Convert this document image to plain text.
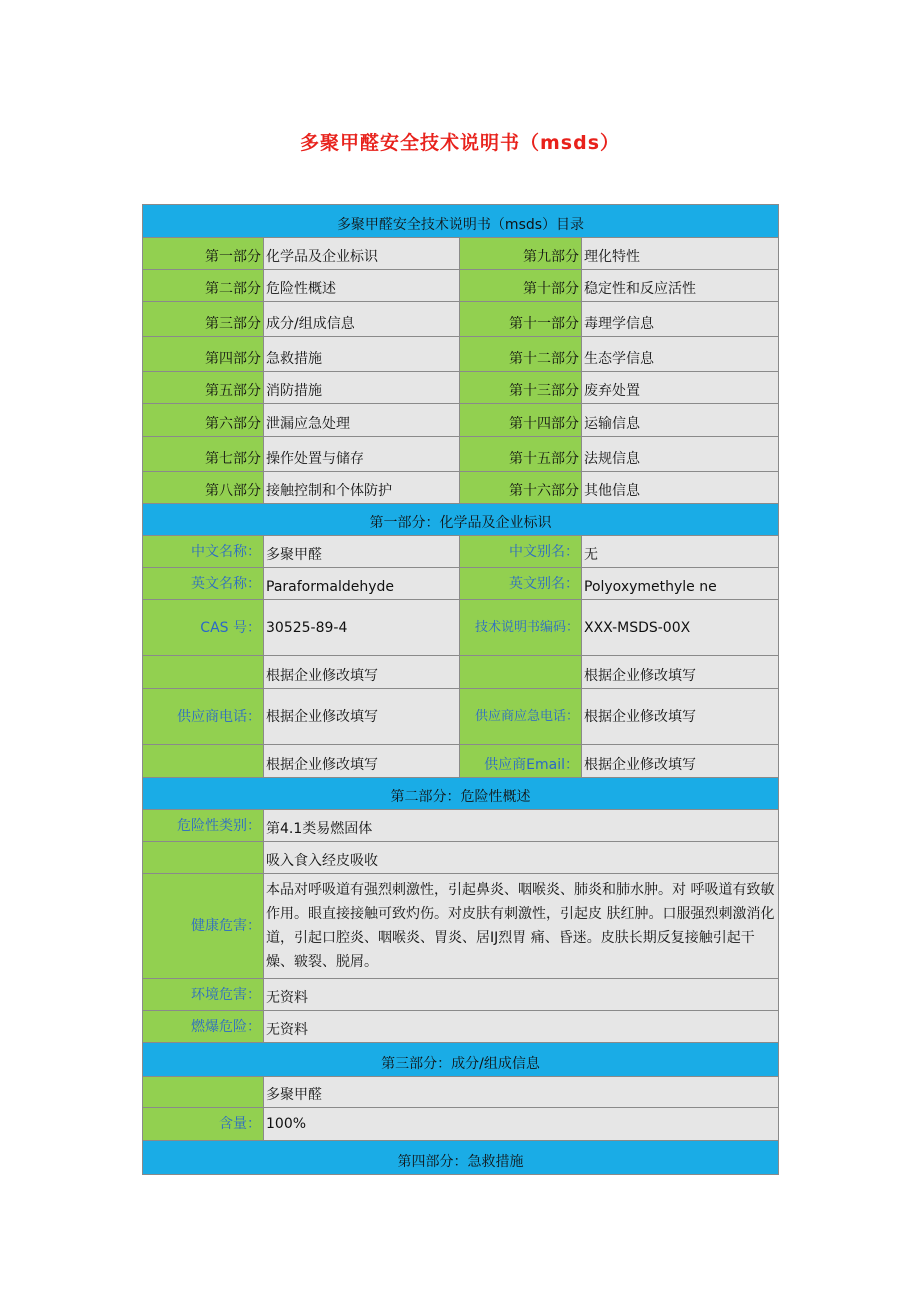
多聚甲醛安全技术说明书（msds）
多聚甲醛安全技术说明书（msds）目录			
第一部分	化学品及企业标识	第九部分	理化特性
第二部分	危险性概述	第十部分	稳定性和反应活性
第三部分	成分/组成信息	第十一部分	毒理学信息
第四部分	急救措施	第十二部分	生态学信息
第五部分	消防措施	第十三部分	废弃处置
第六部分	泄漏应急处理	第十四部分	运输信息
第七部分	操作处置与储存	第十五部分	法规信息
第八部分	接触控制和个体防护	第十六部分	其他信息
第一部分：化学品及企业标识			
中文名称：	多聚甲醛	中文别名：	无
英文名称：	Paraformaldehyde	英文别名：	Polyoxymethyle ne
CAS 号：	30525-89-4	技术说明书编码：	XXX-MSDS-00X
	根据企业修改填写		根据企业修改填写
供应商电话：	根据企业修改填写	供应商应急电话：	根据企业修改填写
	根据企业修改填写	供应商Email：	根据企业修改填写
第二部分：危险性概述			
危险性类别：	第4.1类易燃固体		
	吸入食入经皮吸收		
健康危害：	本品对呼吸道有强烈刺激性，引起鼻炎、咽喉炎、肺炎和肺水肿。对 呼吸道有致敏作用。眼直接接触可致灼伤。对皮肤有刺激性，引起皮 肤红肿。口服强烈刺激消化道，引起口腔炎、咽喉炎、胃炎、居IJ烈胃 痛、昏迷。皮肤长期反复接触引起干燥、皲裂、脱屑。		
环境危害：	无资料		
燃爆危险：	无资料		
第三部分：成分/组成信息			
	多聚甲醛		
含量：	100%		
第四部分：急救措施			
